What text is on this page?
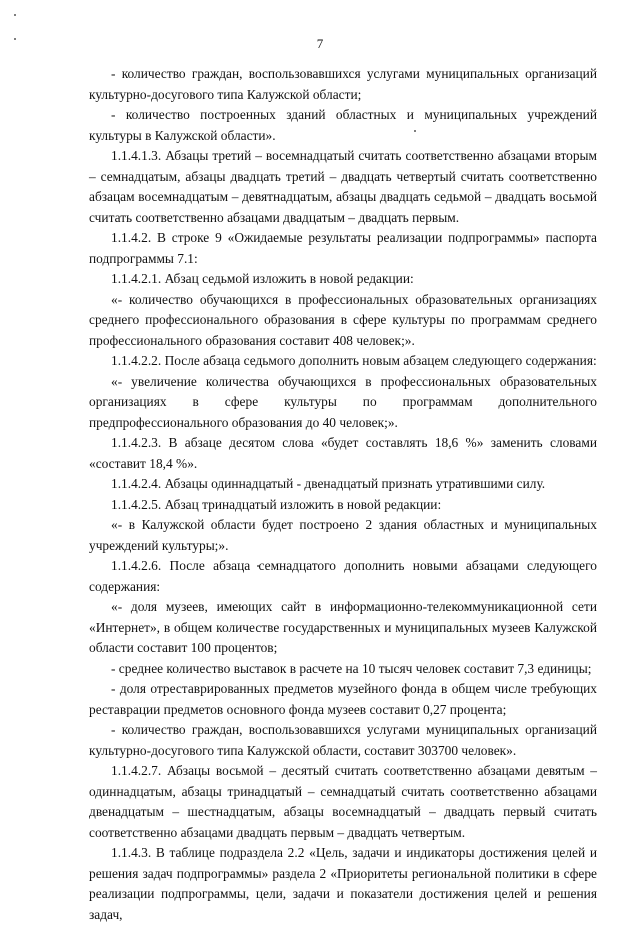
7

- количество граждан, воспользовавшихся услугами муниципальных организаций культурно-досугового типа Калужской области;

- количество построенных зданий областных и муниципальных учреждений культуры в Калужской области».

1.1.4.1.3. Абзацы третий – восемнадцатый считать соответственно абзацами вторым – семнадцатым, абзацы двадцать третий – двадцать четвертый считать соответственно абзацам восемнадцатым – девятнадцатым, абзацы двадцать седьмой – двадцать восьмой считать соответственно абзацами двадцатым – двадцать первым.

1.1.4.2. В строке 9 «Ожидаемые результаты реализации подпрограммы» паспорта подпрограммы 7.1:

1.1.4.2.1. Абзац седьмой изложить в новой редакции:

«- количество обучающихся в профессиональных образовательных организациях среднего профессионального образования в сфере культуры по программам среднего профессионального образования составит 408 человек;».

1.1.4.2.2. После абзаца седьмого дополнить новым абзацем следующего содержания:

«- увеличение количества обучающихся в профессиональных образовательных организациях в сфере культуры по программам дополнительного предпрофессионального образования до 40 человек;».

1.1.4.2.3. В абзаце десятом слова «будет составлять 18,6 %» заменить словами «составит 18,4 %».

1.1.4.2.4. Абзацы одиннадцатый - двенадцатый признать утратившими силу.

1.1.4.2.5. Абзац тринадцатый изложить в новой редакции:

«- в Калужской области будет построено 2 здания областных и муниципальных учреждений культуры;».

1.1.4.2.6. После абзаца семнадцатого дополнить новыми абзацами следующего содержания:

«- доля музеев, имеющих сайт в информационно-телекоммуникационной сети «Интернет», в общем количестве государственных и муниципальных музеев Калужской области составит 100 процентов;

- среднее количество выставок в расчете на 10 тысяч человек составит 7,3 единицы;

- доля отреставрированных предметов музейного фонда в общем числе требующих реставрации предметов основного фонда музеев составит 0,27 процента;

- количество граждан, воспользовавшихся услугами муниципальных организаций культурно-досугового типа Калужской области, составит 303700 человек».

1.1.4.2.7. Абзацы восьмой – десятый считать соответственно абзацами девятым – одиннадцатым, абзацы тринадцатый – семнадцатый считать соответственно абзацами двенадцатым – шестнадцатым, абзацы восемнадцатый – двадцать первый считать соответственно абзацами двадцать первым – двадцать четвертым.

1.1.4.3. В таблице подраздела 2.2 «Цель, задачи и индикаторы достижения целей и решения задач подпрограммы» раздела 2 «Приоритеты региональной политики в сфере реализации подпрограммы, цели, задачи и показатели достижения целей и решения задач,
